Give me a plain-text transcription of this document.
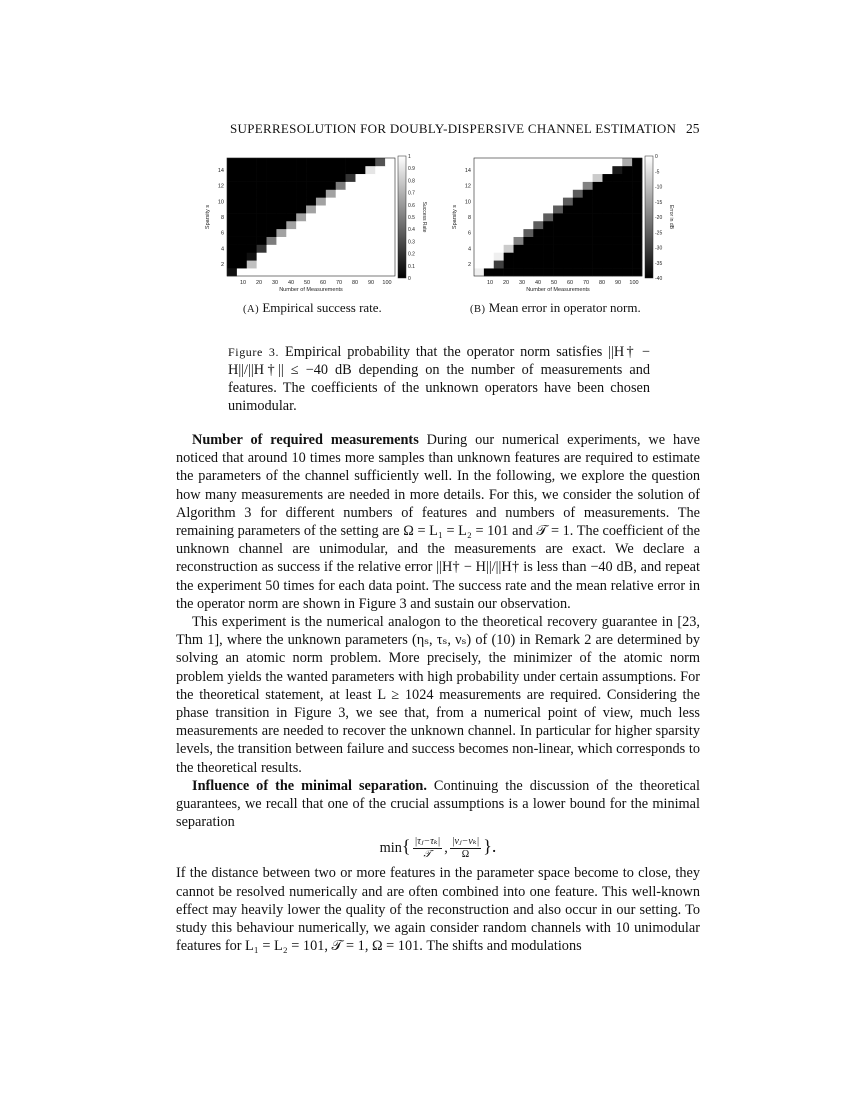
SUPERRESOLUTION FOR DOUBLY-DISPERSIVE CHANNEL ESTIMATION 25
10 20 30 40 50 60 70 80 90 100
Number of Measurements
2
4
6
8
10
12
14
Sparsity s
0
0.1
0.2
0.3
0.4
0.5
0.6
0.7
0.8
0.9
1
Success Rate
10 20 30 40 50 60 70 80 90 100
Number of Measurements
2
4
6
8
10
12
14
Sparsity s
0
-5
-10
-15
-20
-25
-30
-35
-40
Error in dB
(A) Empirical success rate.	(B) Mean error in operator norm.
Figure 3. Empirical probability that the operator norm satisfies ||H† − H||/||H†|| ≤ −40 dB depending on the number of measurements and features. The coefficients of the unknown operators have been chosen unimodular.

Number of required measurements During our numerical experiments, we have noticed that around 10 times more samples than unknown features are required to estimate the parameters of the channel sufficiently well. In the following, we explore the question how many measurements are needed in more details. For this, we consider the solution of Algorithm 3 for different numbers of features and numbers of measurements. The remaining parameters of the setting are Ω = L₁ = L₂ = 101 and 𝒯 = 1. The coefficient of the unknown channel are unimodular, and the measurements are exact. We declare a reconstruction as success if the relative error ||H† − H||/||H† is less than −40 dB, and repeat the experiment 50 times for each data point. The success rate and the mean relative error in the operator norm are shown in Figure 3 and sustain our observation.

This experiment is the numerical analogon to the theoretical recovery guarantee in [23, Thm 1], where the unknown parameters (ηₛ, τₛ, νₛ) of (10) in Remark 2 are determined by solving an atomic norm problem. More precisely, the minimizer of the atomic norm problem yields the wanted parameters with high probability under certain assumptions. For the theoretical statement, at least L ≥ 1024 measurements are required. Considering the phase transition in Figure 3, we see that, from a numerical point of view, much less measurements are needed to recover the unknown channel. In particular for higher sparsity levels, the transition between failure and success becomes non-linear, which corresponds to the theoretical results.

Influence of the minimal separation. Continuing the discussion of the theoretical guarantees, we recall that one of the crucial assumptions is a lower bound for the minimal separation

$\min\{ \frac{\text{|τⱼ−τₖ|}}{\text{𝒯}}$ , $\frac{\text{|νⱼ−νₖ|}}{\Omega}$ }.

If the distance between two or more features in the parameter space become to close, they cannot be resolved numerically and are often combined into one feature. This well-known effect may heavily lower the quality of the reconstruction and also occur in our setting. To study this behaviour numerically, we again consider random channels with 10 unimodular features for L₁ = L₂ = 101, 𝒯 = 1, Ω = 101. The shifts and modulations
